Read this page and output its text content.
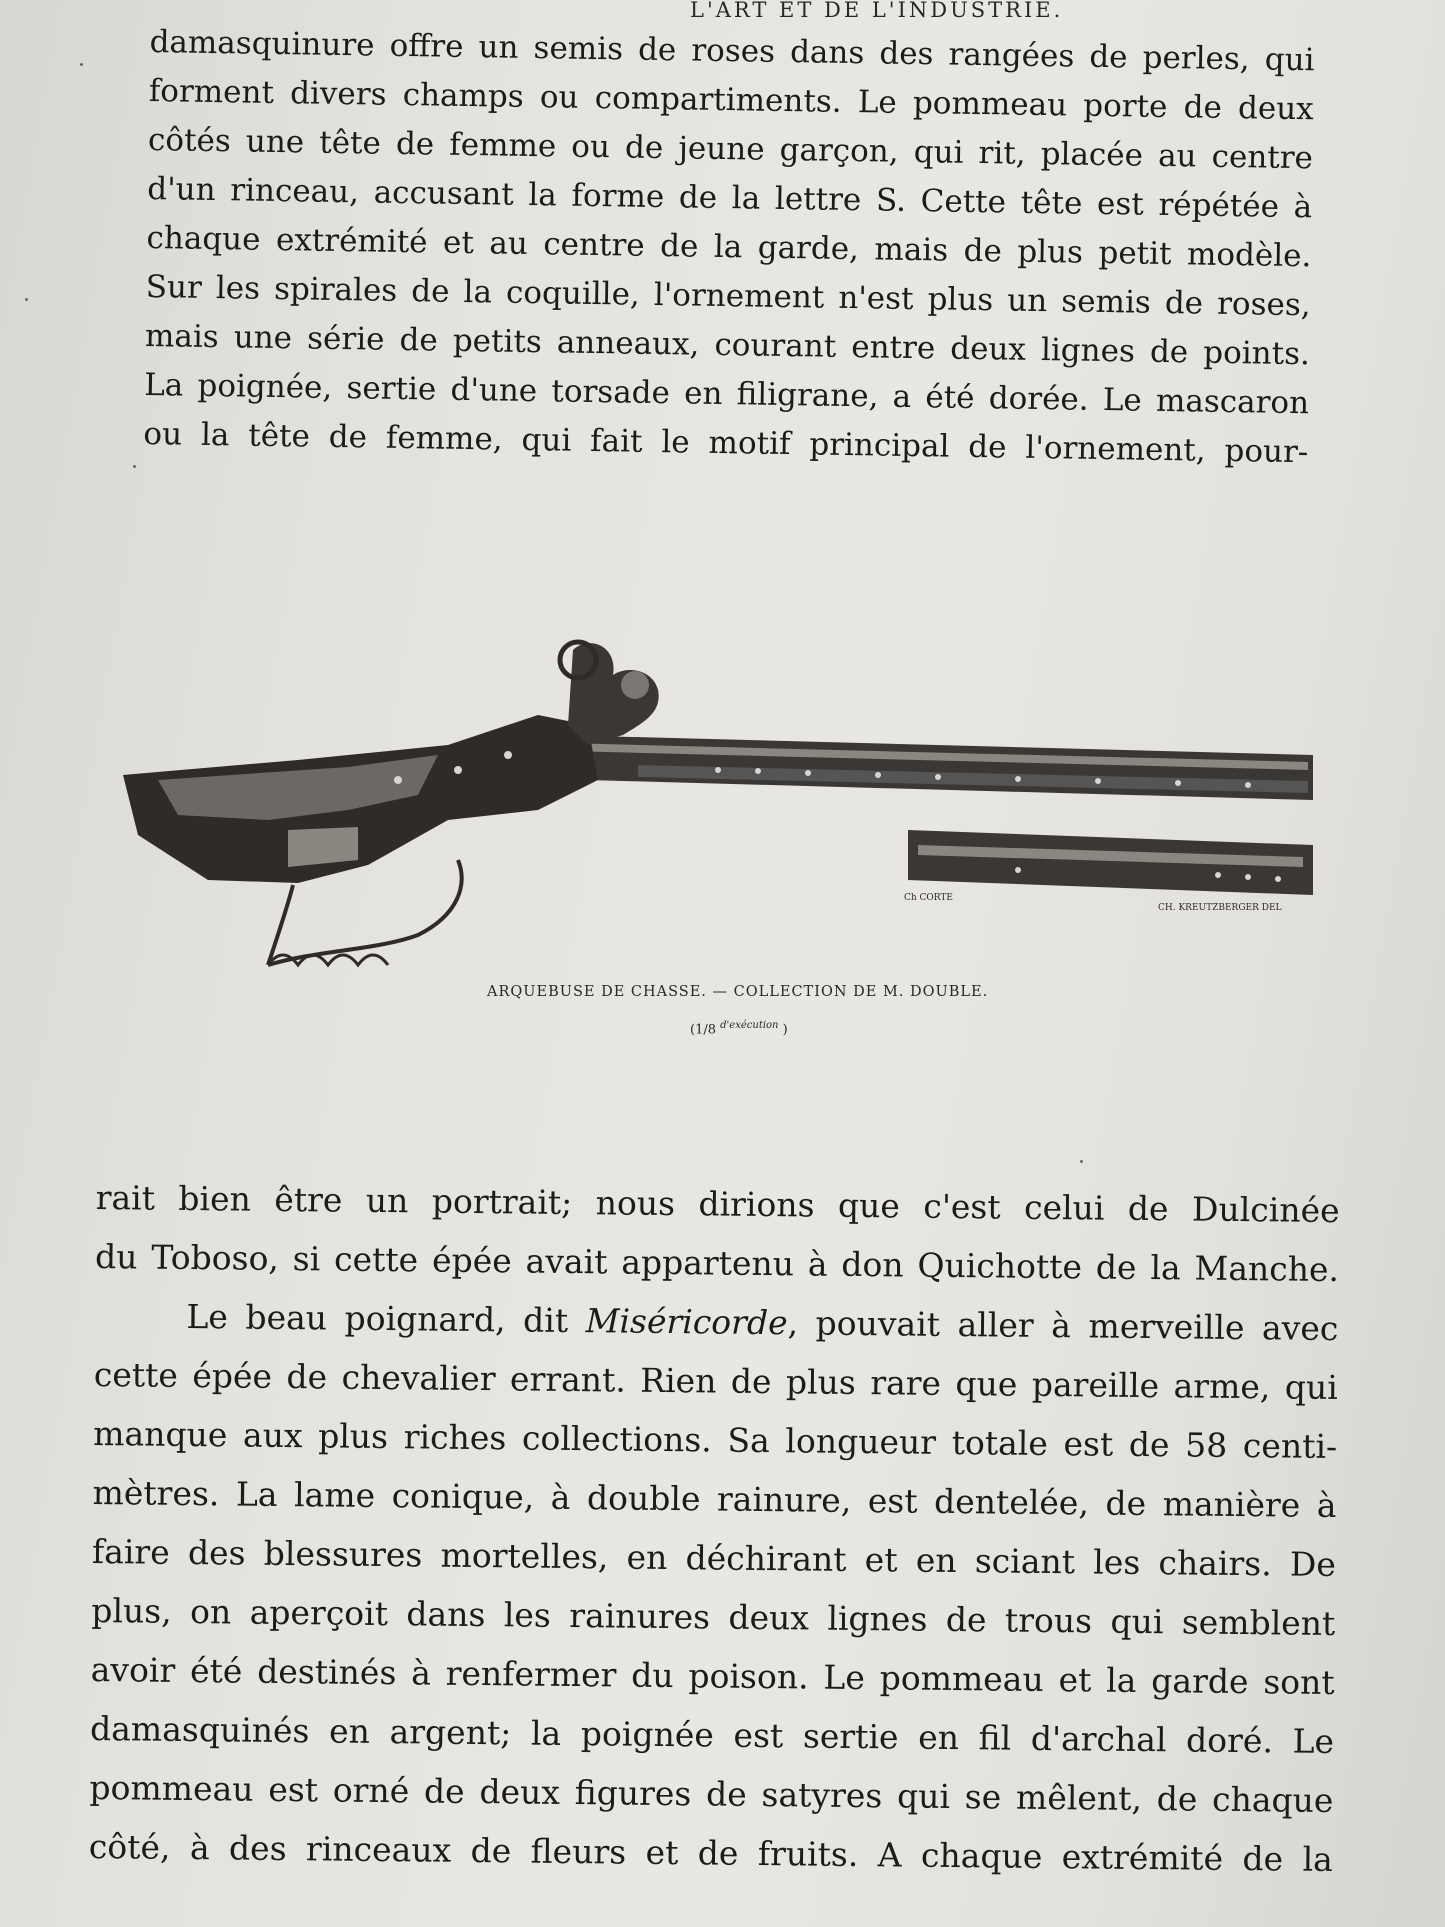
L'ART ET DE L'INDUSTRIE.
damasquinure offre un semis de roses dans des rangées de perles, qui
forment divers champs ou compartiments. Le pommeau porte de deux
côtés une tête de femme ou de jeune garçon, qui rit, placée au centre
d'un rinceau, accusant la forme de la lettre S. Cette tête est répétée à
chaque extrémité et au centre de la garde, mais de plus petit modèle.
Sur les spirales de la coquille, l'ornement n'est plus un semis de roses,
mais une série de petits anneaux, courant entre deux lignes de points.
La poignée, sertie d'une torsade en filigrane, a été dorée. Le mascaron
ou la tête de femme, qui fait le motif principal de l'ornement, pour-
Ch CORTE
CH. KREUTZBERGER DEL
ARQUEBUSE DE CHASSE. — COLLECTION DE M. DOUBLE.
(1/8 $^{d'exécution}$ )
rait bien être un portrait; nous dirions que c'est celui de Dulcinée
du Toboso, si cette épée avait appartenu à don Quichotte de la Manche.
Le beau poignard, dit Miséricorde, pouvait aller à merveille avec
cette épée de chevalier errant. Rien de plus rare que pareille arme, qui
manque aux plus riches collections. Sa longueur totale est de 58 centi-
mètres. La lame conique, à double rainure, est dentelée, de manière à
faire des blessures mortelles, en déchirant et en sciant les chairs. De
plus, on aperçoit dans les rainures deux lignes de trous qui semblent
avoir été destinés à renfermer du poison. Le pommeau et la garde sont
damasquinés en argent; la poignée est sertie en fil d'archal doré. Le
pommeau est orné de deux figures de satyres qui se mêlent, de chaque
côté, à des rinceaux de fleurs et de fruits. A chaque extrémité de la
